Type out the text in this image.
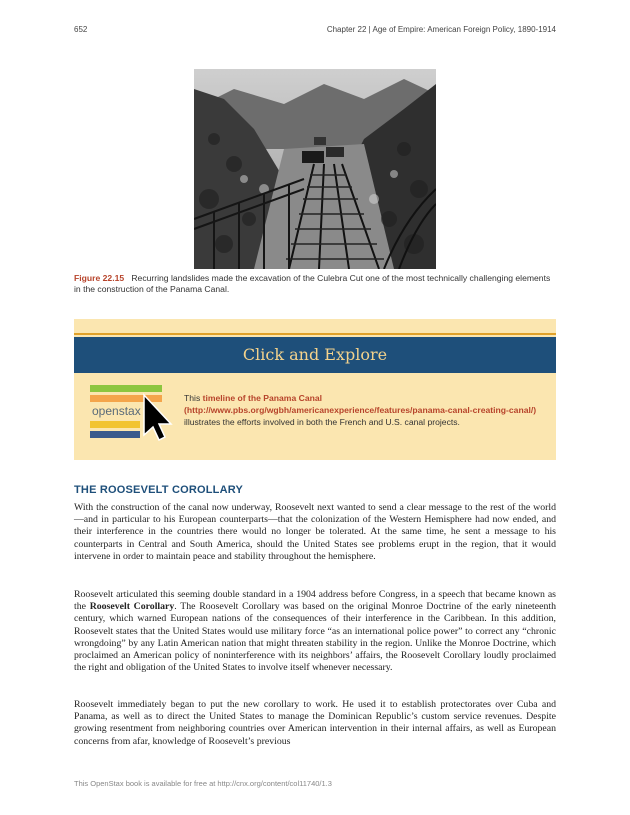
652	Chapter 22 | Age of Empire: American Foreign Policy, 1890-1914
Figure 22.15 Recurring landslides made the excavation of the Culebra Cut one of the most technically challenging elements in the construction of the Panama Canal.
Click and Explore
openstax
This timeline of the Panama Canal (http://www.pbs.org/wgbh/americanexperience/features/panama-canal-creating-canal/) illustrates the efforts involved in both the French and U.S. canal projects.
THE ROOSEVELT COROLLARY

With the construction of the canal now underway, Roosevelt next wanted to send a clear message to the rest of the world—and in particular to his European counterparts—that the colonization of the Western Hemisphere had now ended, and their interference in the countries there would no longer be tolerated. At the same time, he sent a message to his counterparts in Central and South America, should the United States see problems erupt in the region, that it would intervene in order to maintain peace and stability throughout the hemisphere.

Roosevelt articulated this seeming double standard in a 1904 address before Congress, in a speech that became known as the Roosevelt Corollary. The Roosevelt Corollary was based on the original Monroe Doctrine of the early nineteenth century, which warned European nations of the consequences of their interference in the Caribbean. In this addition, Roosevelt states that the United States would use military force “as an international police power” to correct any “chronic wrongdoing” by any Latin American nation that might threaten stability in the region. Unlike the Monroe Doctrine, which proclaimed an American policy of noninterference with its neighbors’ affairs, the Roosevelt Corollary loudly proclaimed the right and obligation of the United States to involve itself whenever necessary.

Roosevelt immediately began to put the new corollary to work. He used it to establish protectorates over Cuba and Panama, as well as to direct the United States to manage the Dominican Republic’s custom service revenues. Despite growing resentment from neighboring countries over American intervention in their internal affairs, as well as European concerns from afar, knowledge of Roosevelt’s previous

This OpenStax book is available for free at http://cnx.org/content/col11740/1.3
